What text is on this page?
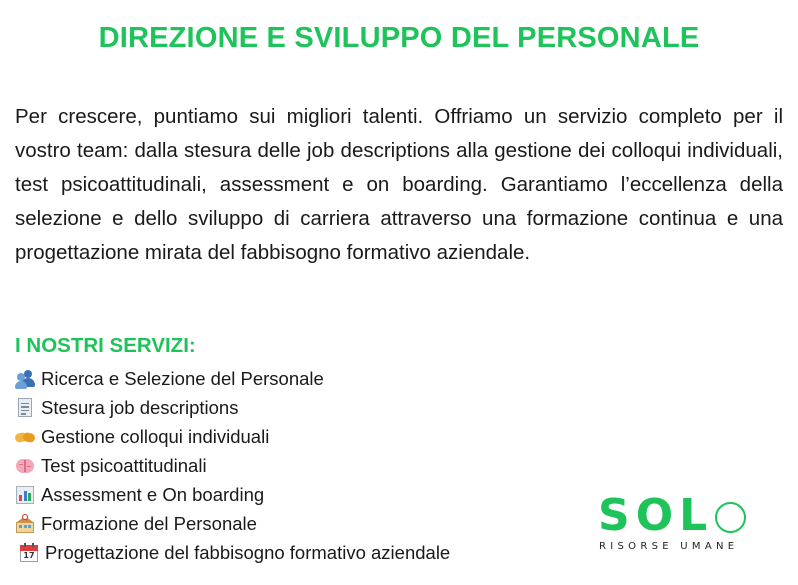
DIREZIONE E SVILUPPO DEL PERSONALE

Per crescere, puntiamo sui migliori talenti. Offriamo un servizio completo per il vostro team: dalla stesura delle job descriptions alla gestione dei colloqui individuali, test psicoattitudinali, assessment e on boarding. Garantiamo l’eccellenza della selezione e dello sviluppo di carriera attraverso una formazione continua e una progettazione mirata del fabbisogno formativo aziendale.

I NOSTRI SERVIZI:
Ricerca e Selezione del Personale
Stesura job descriptions
Gestione colloqui individuali
Test psicoattitudinali
Assessment e On boarding
Formazione del Personale
17 Progettazione del fabbisogno formativo aziendale
SOL
RISORSE UMANE
